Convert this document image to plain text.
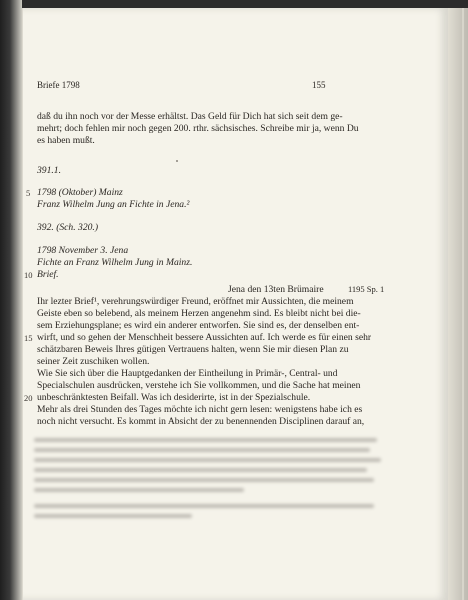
Briefe 1798	155
daß du ihn noch vor der Messe erhältst. Das Geld für Dich hat sich seit dem ge-
mehrt; doch fehlen mir noch gegen 200. rthr. sächsisches. Schreibe mir ja, wenn Du
es haben mußt.
391.1.
5 1798 (Oktober) Mainz
Franz Wilhelm Jung an Fichte in Jena.²
392. (Sch. 320.)
1798 November 3. Jena
Fichte an Franz Wilhelm Jung in Mainz.
10 Brief.
Jena den 13ten Brümaire	1195 Sp. 1
Ihr lezter Brief¹, verehrungswürdiger Freund, eröffnet mir Aussichten, die meinem
Geiste eben so belebend, als meinem Herzen angenehm sind. Es bleibt nicht bei die-
sem Erziehungsplane; es wird ein anderer entworfen. Sie sind es, der denselben ent-
15 wirft, und so gehen der Menschheit bessere Aussichten auf. Ich werde es für einen sehr
schätzbaren Beweis Ihres gütigen Vertrauens halten, wenn Sie mir diesen Plan zu
seiner Zeit zuschiken wollen.
Wie Sie sich über die Hauptgedanken der Eintheilung in Primär-, Central- und
Specialschulen ausdrücken, verstehe ich Sie vollkommen, und die Sache hat meinen
20 unbeschränktesten Beifall. Was ich desiderirte, ist in der Spezialschule.
Mehr als drei Stunden des Tages möchte ich nicht gern lesen: wenigstens habe ich es
noch nicht versucht. Es kommt in Absicht der zu benennenden Disciplinen darauf an,
